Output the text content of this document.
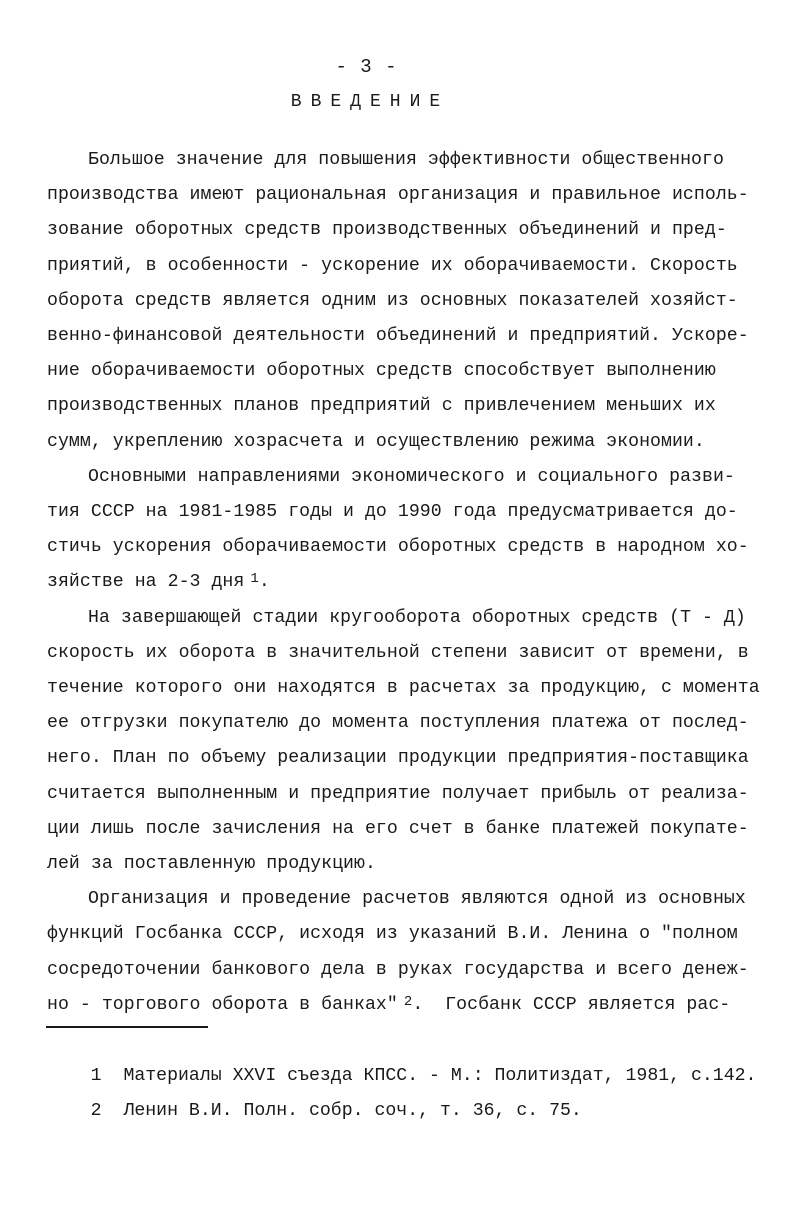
- 3 -
ВВЕДЕНИЕ
Большое значение для повышения эффективности общественного
производства имеют рациональная организация и правильное исполь-
зование оборотных средств производственных объединений и пред-
приятий, в особенности - ускорение их оборачиваемости. Скорость
оборота средств является одним из основных показателей хозяйст-
венно-финансовой деятельности объединений и предприятий. Ускоре-
ние оборачиваемости оборотных средств способствует выполнению
производственных планов предприятий с привлечением меньших их
сумм, укреплению хозрасчета и осуществлению режима экономии.
Основными направлениями экономического и социального разви-
тия СССР на 1981-1985 годы и до 1990 года предусматривается до-
стичь ускорения оборачиваемости оборотных средств в народном хо-
зяйстве на 2-3 дня $^1$.
На завершающей стадии кругооборота оборотных средств (Т - Д)
скорость их оборота в значительной степени зависит от времени, в
течение которого они находятся в расчетах за продукцию, с момента
ее отгрузки покупателю до момента поступления платежа от послед-
него. План по объему реализации продукции предприятия-поставщика
считается выполненным и предприятие получает прибыль от реализа-
ции лишь после зачисления на его счет в банке платежей покупате-
лей за поставленную продукцию.
Организация и проведение расчетов являются одной из основных
функций Госбанка СССР, исходя из указаний В.И. Ленина о "полном
сосредоточении банкового дела в руках государства и всего денеж-
но - торгового оборота в банках" $^2$.  Госбанк СССР является рас-

1 Материалы XXVI съезда КПСС. - М.: Политиздат, 1981, с.142.

2 Ленин В.И. Полн. собр. соч., т. 36, с. 75.
